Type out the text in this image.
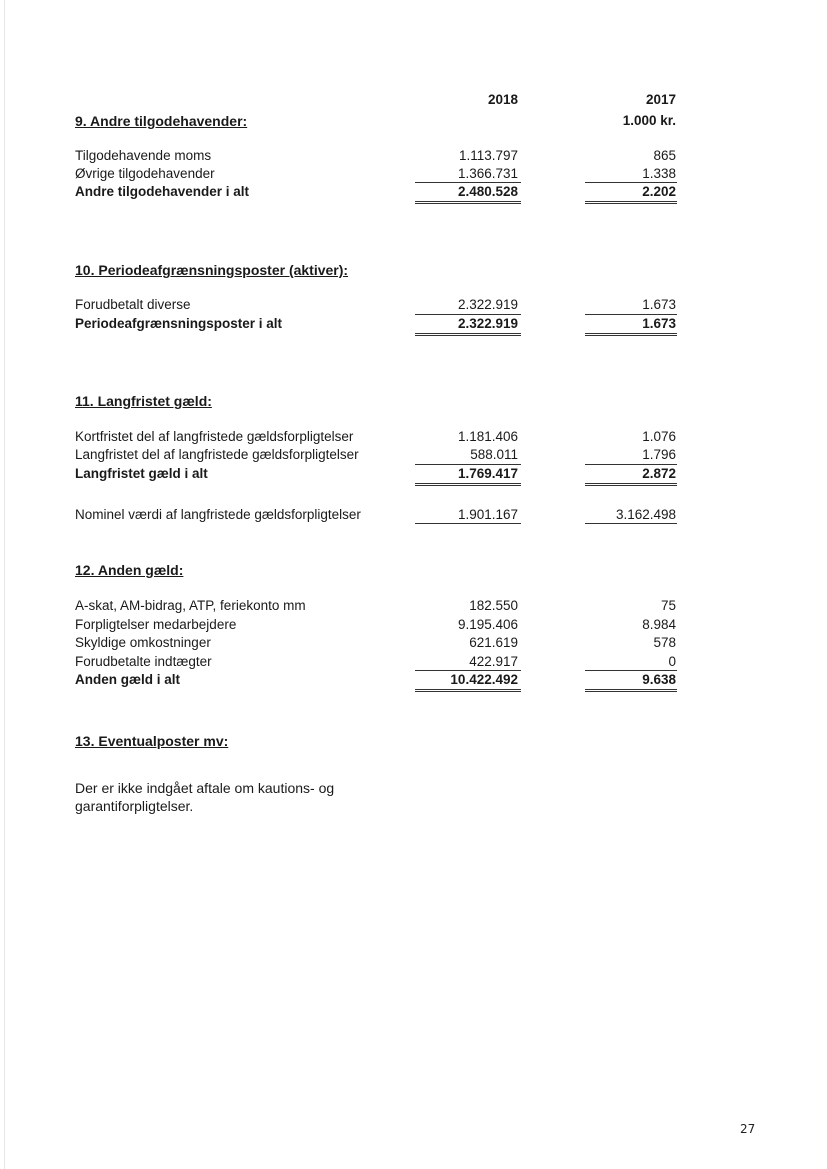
2018	2017
1.000 kr.
9. Andre tilgodehavender:
Tilgodehavende moms	1.113.797	865
Øvrige tilgodehavender	1.366.731	1.338
Andre tilgodehavender i alt	2.480.528	2.202
10. Periodeafgrænsningsposter (aktiver):
Forudbetalt diverse	2.322.919	1.673
Periodeafgrænsningsposter i alt	2.322.919	1.673
11. Langfristet gæld:
Kortfristet del af langfristede gældsforpligtelser	1.181.406	1.076
Langfristet del af langfristede gældsforpligtelser	588.011	1.796
Langfristet gæld i alt	1.769.417	2.872
Nominel værdi af langfristede gældsforpligtelser	1.901.167	3.162.498
12. Anden gæld:
A-skat, AM-bidrag, ATP, feriekonto mm	182.550	75
Forpligtelser medarbejdere	9.195.406	8.984
Skyldige omkostninger	621.619	578
Forudbetalte indtægter	422.917	0
Anden gæld i alt	10.422.492	9.638
13. Eventualposter mv:
Der er ikke indgået aftale om kautions- og
garantiforpligtelser.
27
